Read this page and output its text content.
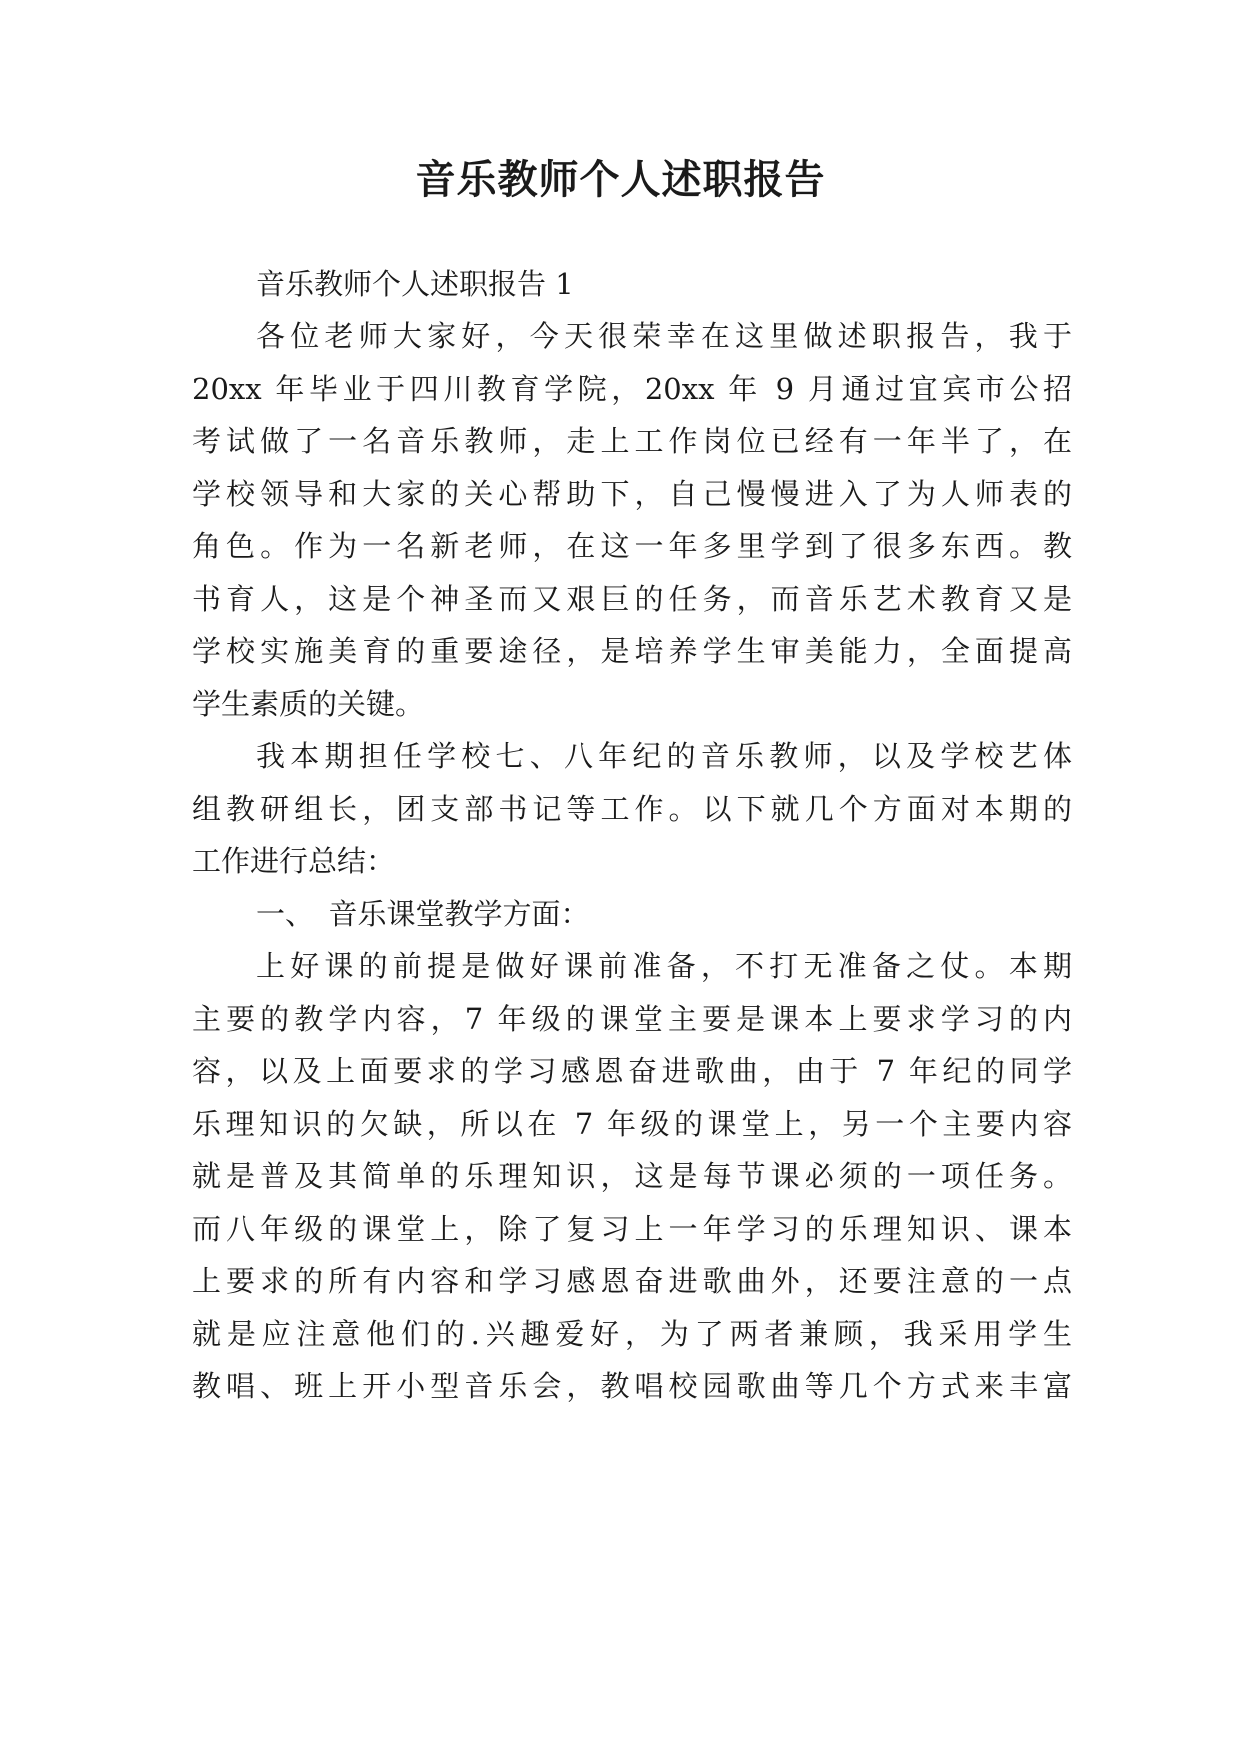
音乐教师个人述职报告
音乐教师个人述职报告 1
各位老师大家好，今天很荣幸在这里做述职报告，我于
20xx 年毕业于四川教育学院，20xx 年 9 月通过宜宾市公招
考试做了一名音乐教师，走上工作岗位已经有一年半了，在
学校领导和大家的关心帮助下，自己慢慢进入了为人师表的
角色。作为一名新老师，在这一年多里学到了很多东西。教
书育人，这是个神圣而又艰巨的任务，而音乐艺术教育又是
学校实施美育的重要途径，是培养学生审美能力，全面提高
学生素质的关键。
我本期担任学校七、八年纪的音乐教师，以及学校艺体
组教研组长，团支部书记等工作。以下就几个方面对本期的
工作进行总结：
一、　音乐课堂教学方面：
上好课的前提是做好课前准备，不打无准备之仗。本期
主要的教学内容，7 年级的课堂主要是课本上要求学习的内
容，以及上面要求的学习感恩奋进歌曲，由于 7 年纪的同学
乐理知识的欠缺，所以在 7 年级的课堂上，另一个主要内容
就是普及其简单的乐理知识，这是每节课必须的一项任务。
而八年级的课堂上，除了复习上一年学习的乐理知识、课本
上要求的所有内容和学习感恩奋进歌曲外，还要注意的一点
就是应注意他们的.兴趣爱好，为了两者兼顾，我采用学生
教唱、班上开小型音乐会，教唱校园歌曲等几个方式来丰富
